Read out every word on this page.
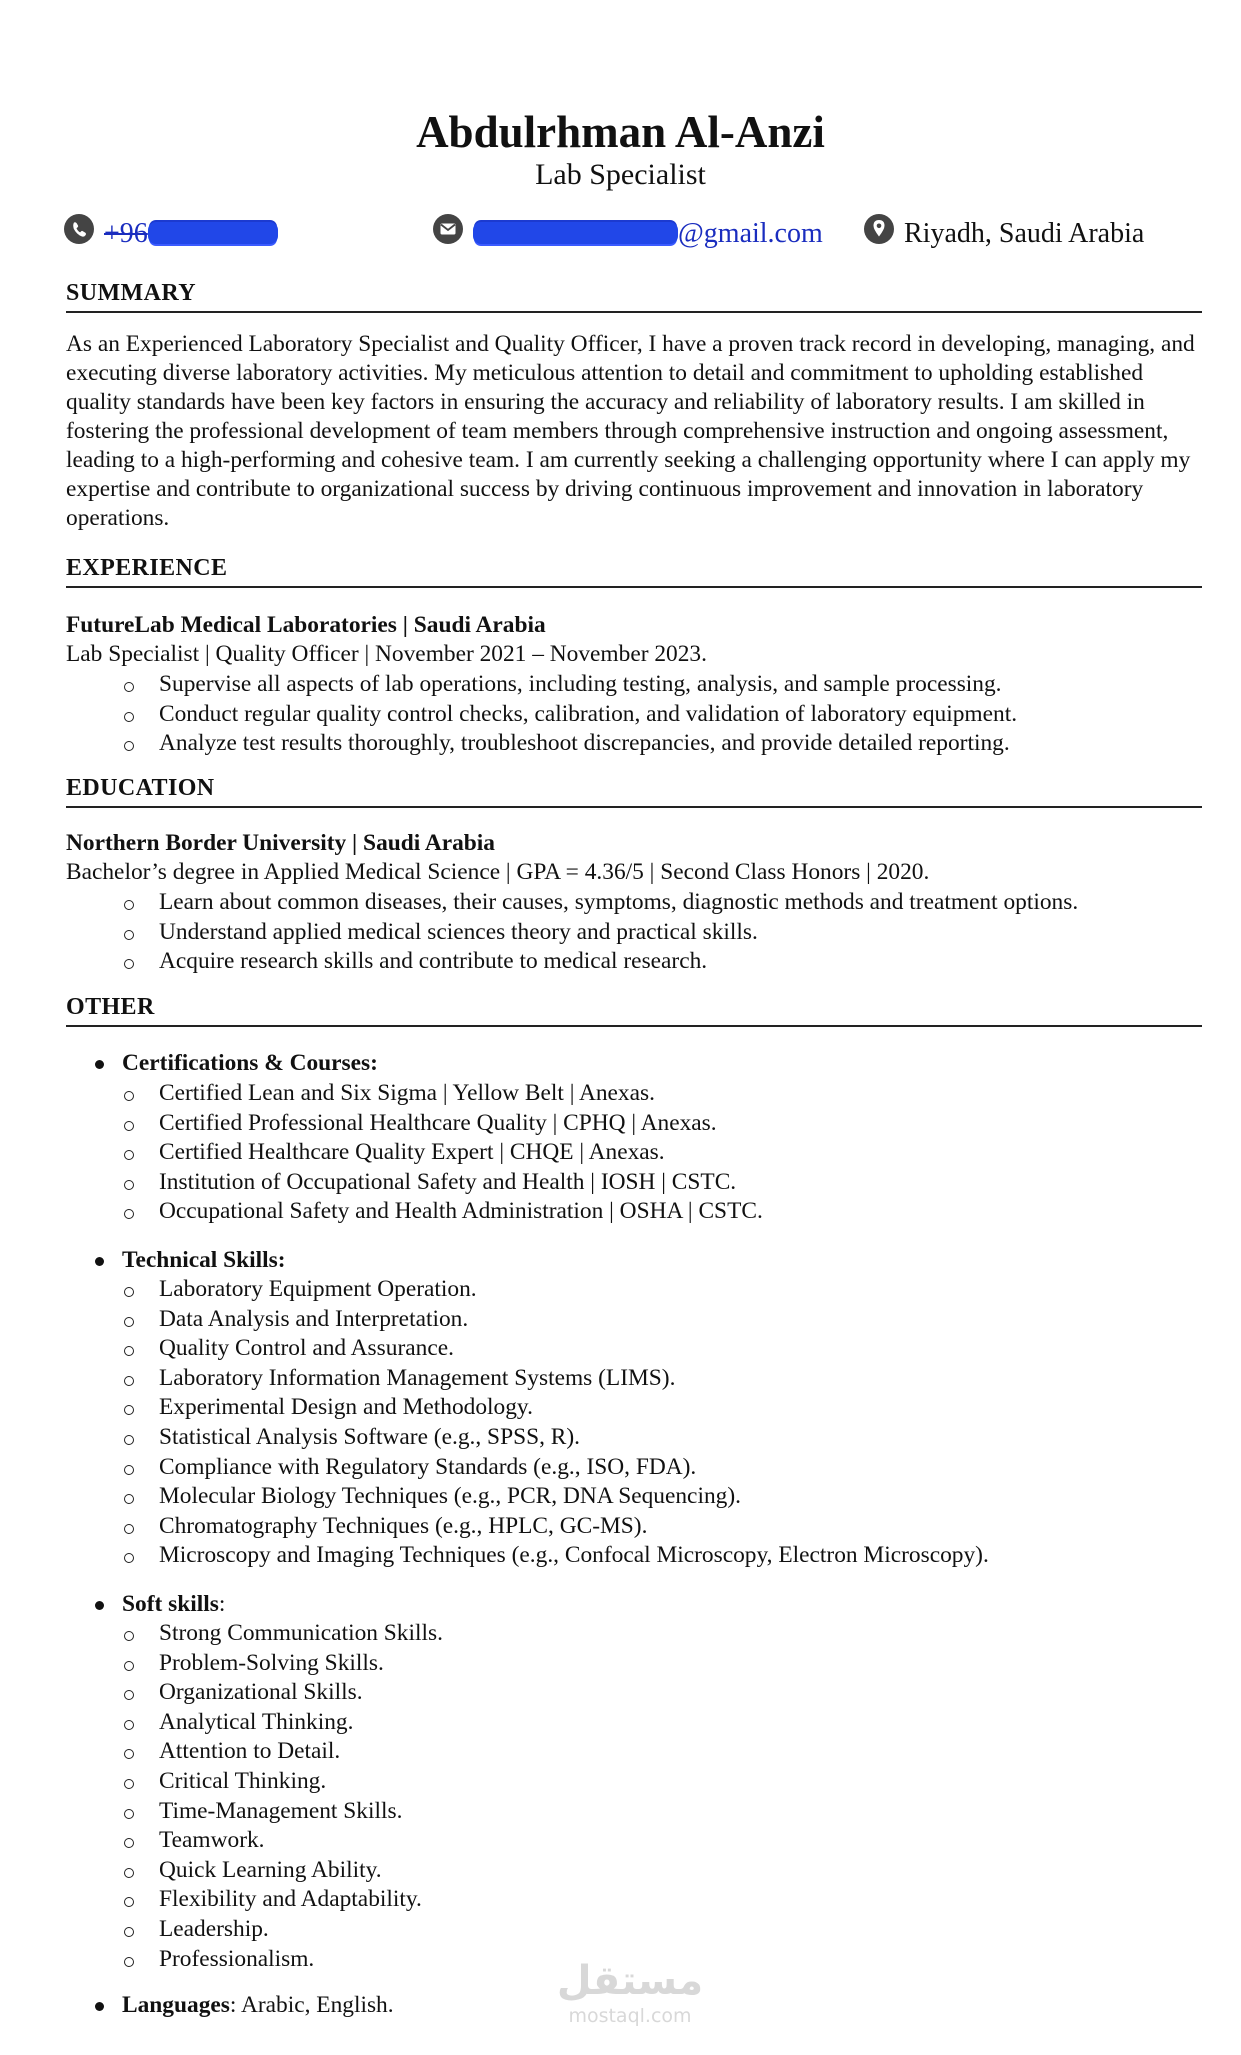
Abdulrhman Al-Anzi
Lab Specialist
+96	@gmail.com	Riyadh, Saudi Arabia
SUMMARY
As an Experienced Laboratory Specialist and Quality Officer, I have a proven track record in developing, managing, and executing diverse laboratory activities. My meticulous attention to detail and commitment to upholding established quality standards have been key factors in ensuring the accuracy and reliability of laboratory results. I am skilled in fostering the professional development of team members through comprehensive instruction and ongoing assessment, leading to a high-performing and cohesive team. I am currently seeking a challenging opportunity where I can apply my expertise and contribute to organizational success by driving continuous improvement and innovation in laboratory operations.
EXPERIENCE
FutureLab Medical Laboratories | Saudi Arabia
Lab Specialist | Quality Officer | November 2021 – November 2023.
Supervise all aspects of lab operations, including testing, analysis, and sample processing.
Conduct regular quality control checks, calibration, and validation of laboratory equipment.
Analyze test results thoroughly, troubleshoot discrepancies, and provide detailed reporting.
EDUCATION
Northern Border University | Saudi Arabia
Bachelor’s degree in Applied Medical Science | GPA = 4.36/5 | Second Class Honors | 2020.
Learn about common diseases, their causes, symptoms, diagnostic methods and treatment options.
Understand applied medical sciences theory and practical skills.
Acquire research skills and contribute to medical research.
OTHER
Certifications & Courses:
Certified Lean and Six Sigma | Yellow Belt | Anexas.
Certified Professional Healthcare Quality | CPHQ | Anexas.
Certified Healthcare Quality Expert | CHQE | Anexas.
Institution of Occupational Safety and Health | IOSH | CSTC.
Occupational Safety and Health Administration | OSHA | CSTC.
Technical Skills:
Laboratory Equipment Operation.
Data Analysis and Interpretation.
Quality Control and Assurance.
Laboratory Information Management Systems (LIMS).
Experimental Design and Methodology.
Statistical Analysis Software (e.g., SPSS, R).
Compliance with Regulatory Standards (e.g., ISO, FDA).
Molecular Biology Techniques (e.g., PCR, DNA Sequencing).
Chromatography Techniques (e.g., HPLC, GC-MS).
Microscopy and Imaging Techniques (e.g., Confocal Microscopy, Electron Microscopy).
Soft skills:
Strong Communication Skills.
Problem-Solving Skills.
Organizational Skills.
Analytical Thinking.
Attention to Detail.
Critical Thinking.
Time-Management Skills.
Teamwork.
Quick Learning Ability.
Flexibility and Adaptability.
Leadership.
Professionalism.
Languages: Arabic, English.
مستقل
mostaql.com
